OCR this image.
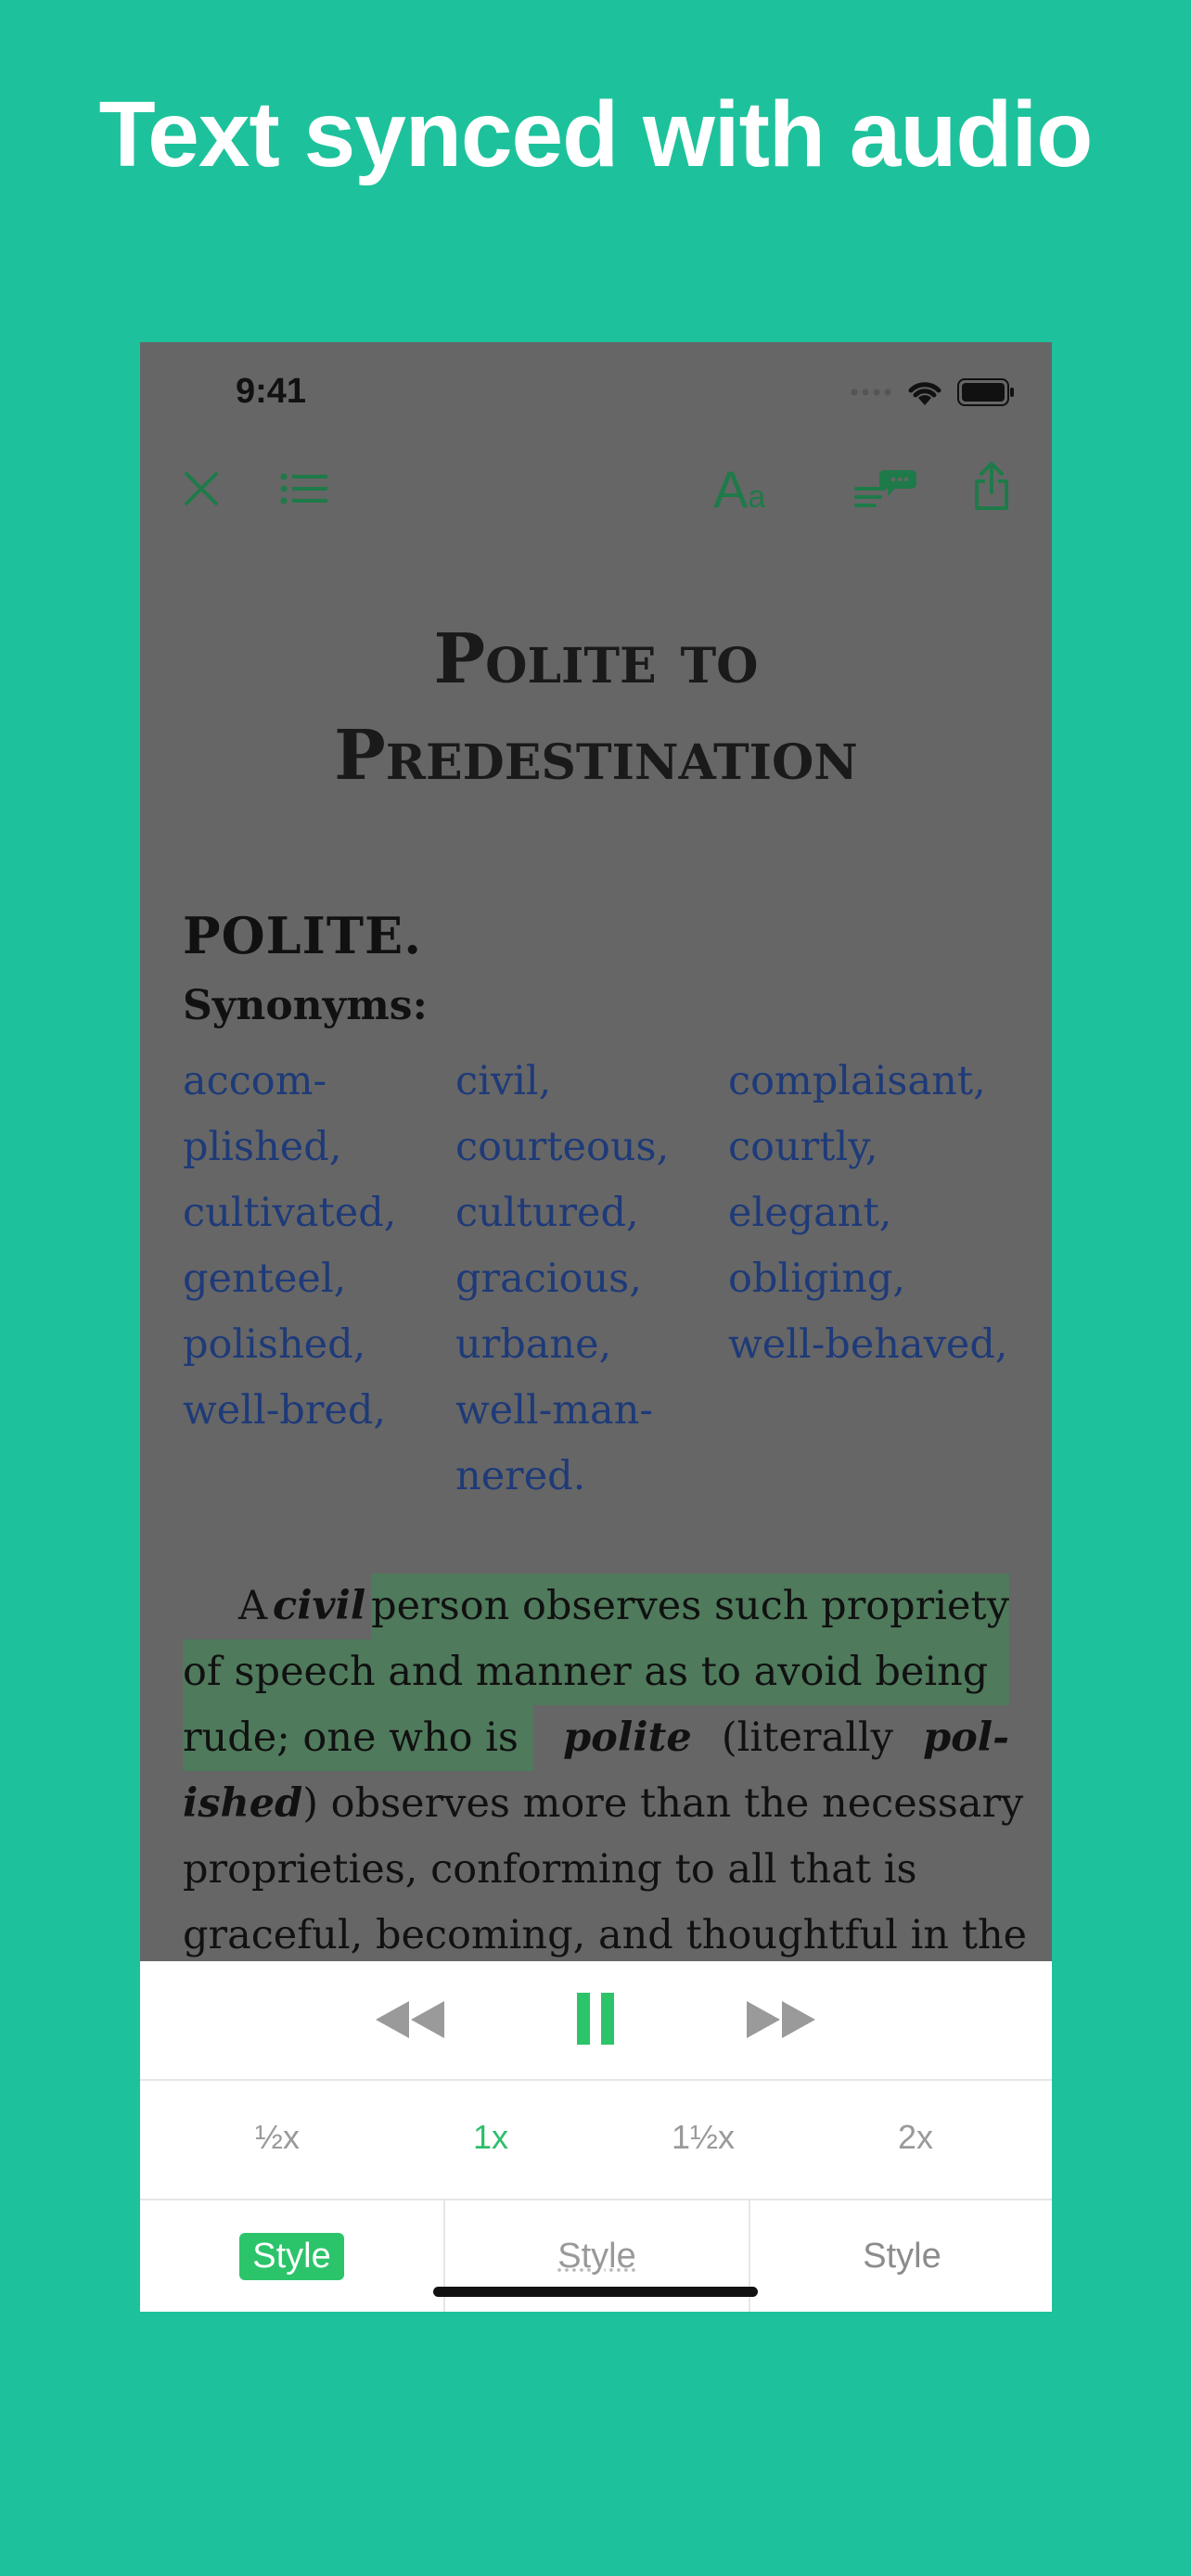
Text synced with audio
9:41
Aa
Polite to
Predestination
POLITE.
Synonyms:
accom-
plished,
cultivated,
genteel,
polished,
well-bred,
civil,
courteous,
cultured,
gracious,
urbane,
well-man-
nered.
complaisant,
courtly,
elegant,
obliging,
well-behaved,
A civil person observes such propriety
of speech and manner as to avoid being
rude; one who is	polite (literally pol-
ished ) observes more than the necessary
proprieties, conforming to all that is
graceful, becoming, and thoughtful in the
½x	1x	1½x	2x
Style	Style	Style
